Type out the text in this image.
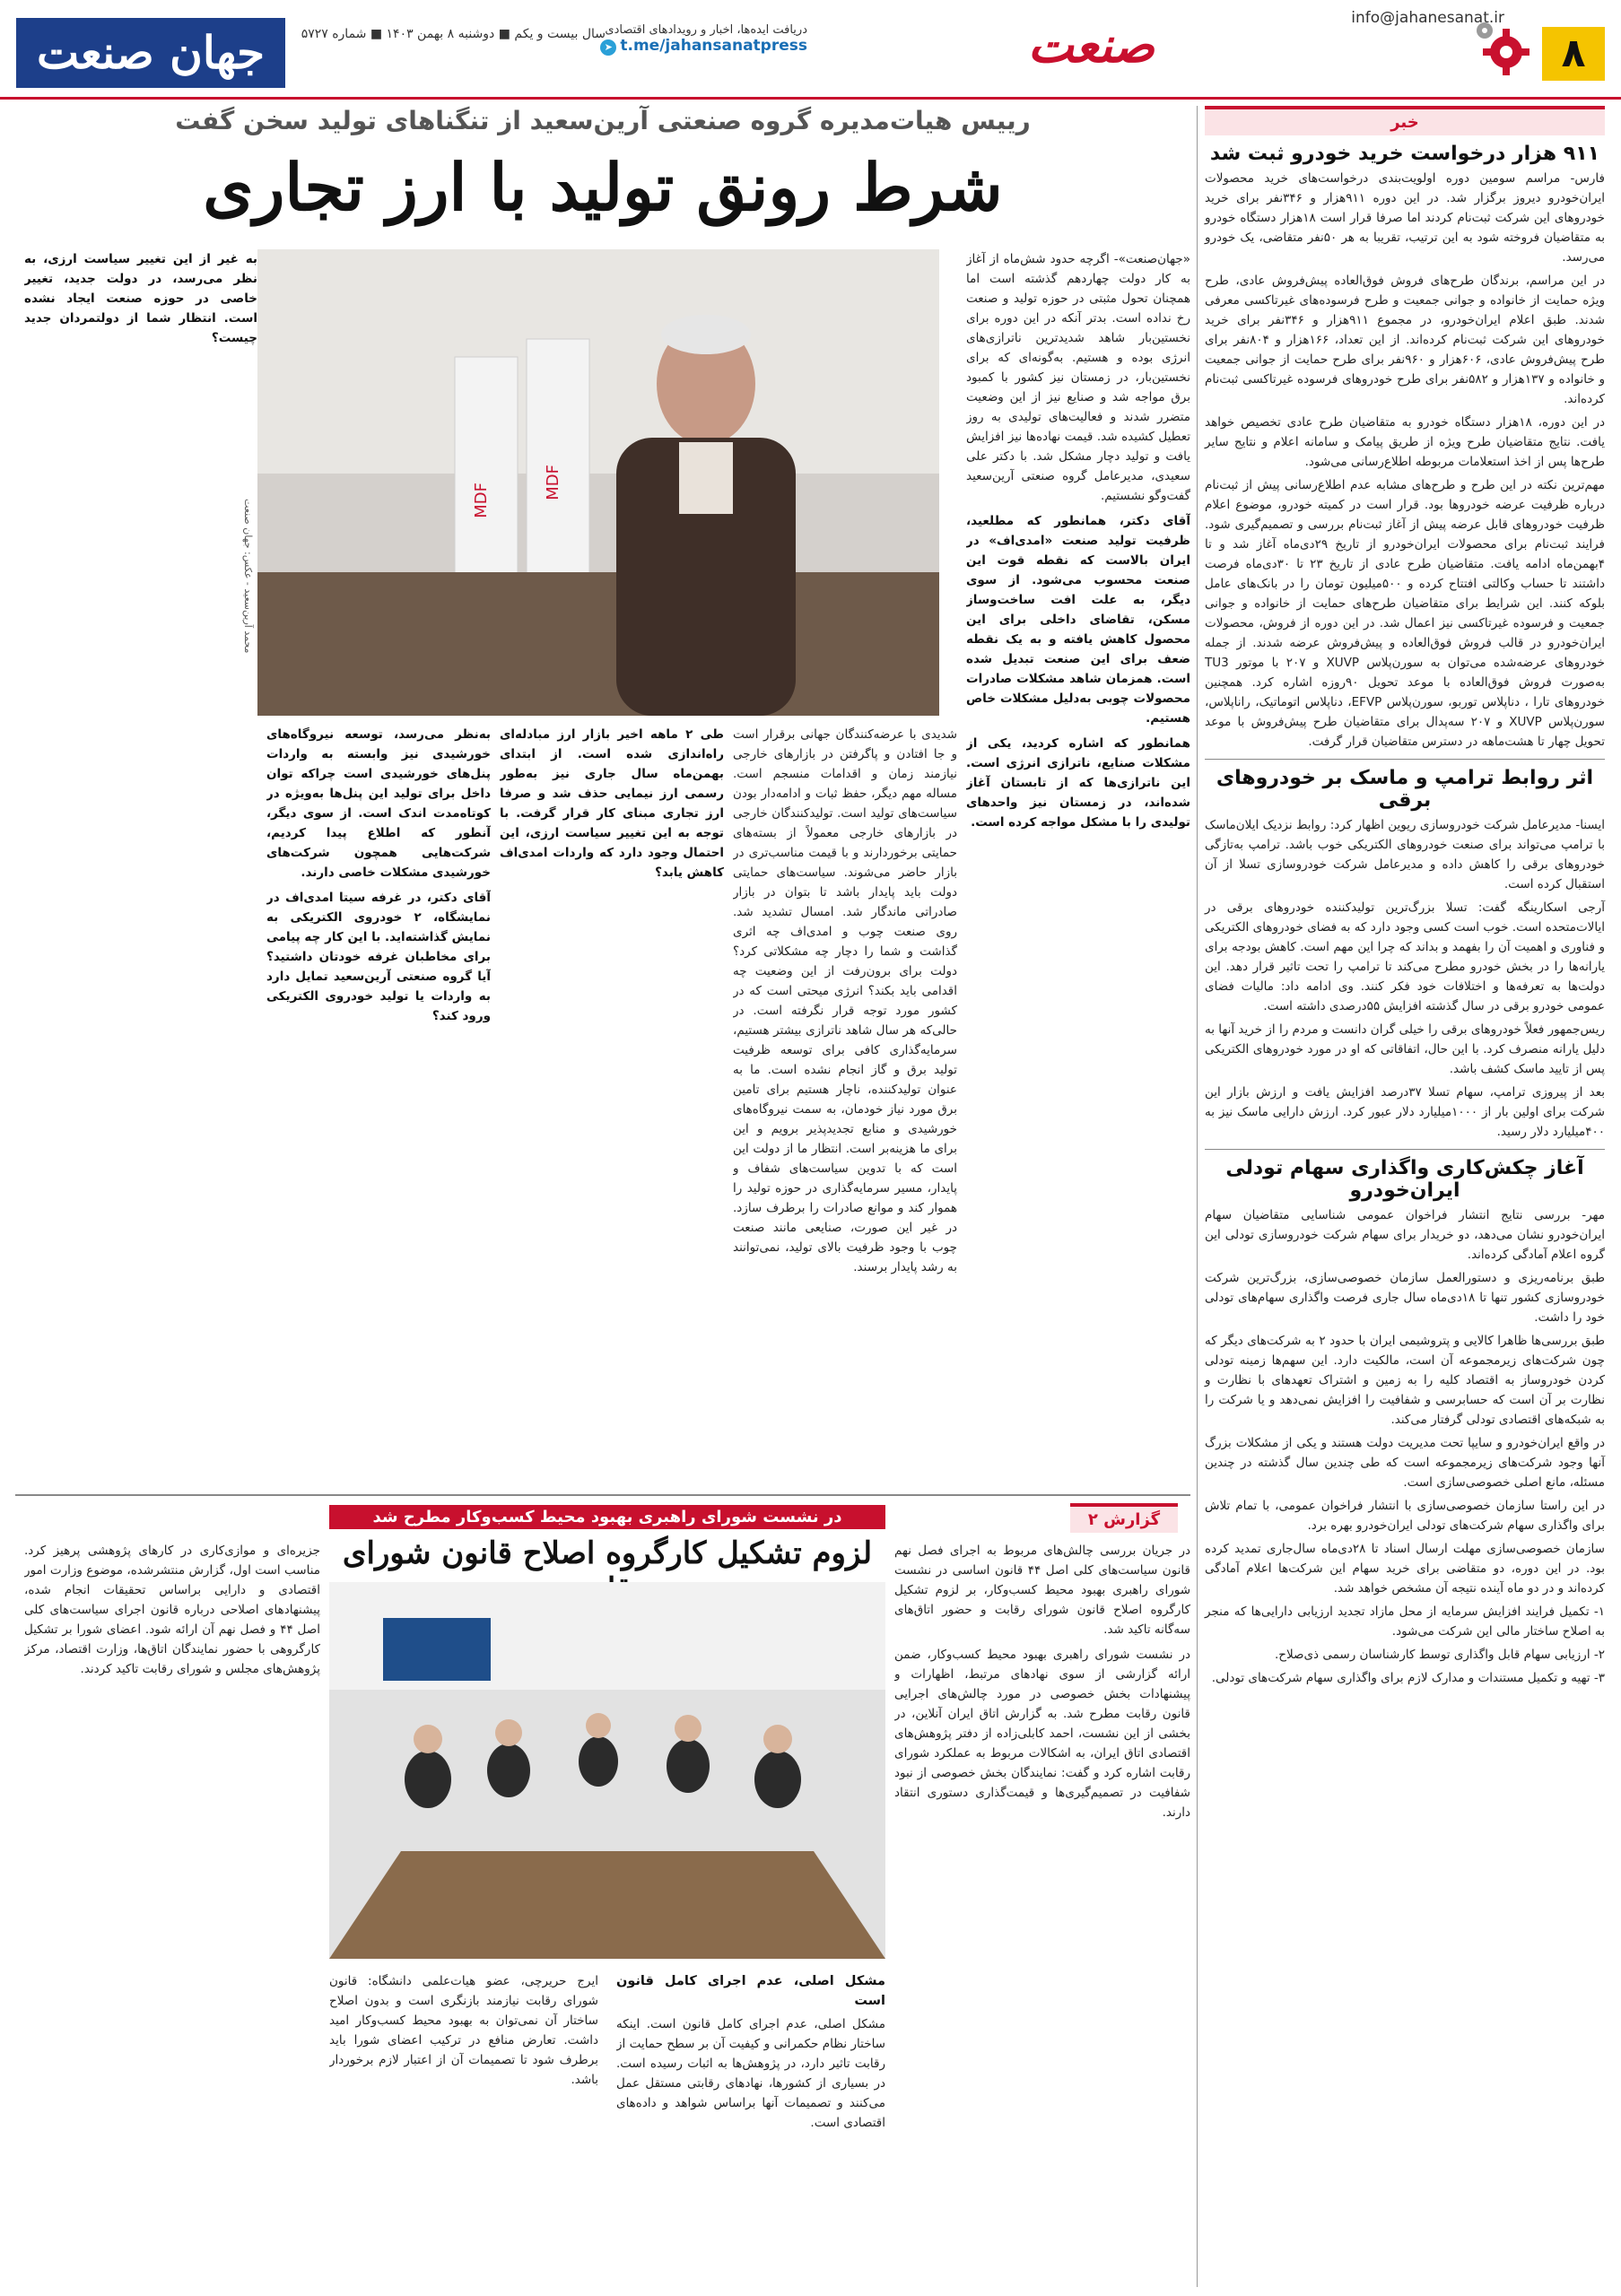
۸
info@jahanesanat.ir
صنعت
دریافت ایده‌ها، اخبار و رویدادهای اقتصادی
t.me/jahansanatpress ➤
سال بیست و یکم ■ دوشنبه ۸ بهمن ۱۴۰۳ ■ شماره ۵۷۲۷
جهان صنعت
خبر
۹۱۱ هزار درخواست خرید خودرو ثبت شد

فارس- مراسم سومین دوره اولویت‌بندی درخواست‌های خرید محصولات ایران‌خودرو دیروز برگزار شد. در این دوره ۹۱۱هزار و ۳۴۶نفر برای خرید خودروهای این شرکت ثبت‌نام کردند اما صرفا قرار است ۱۸هزار دستگاه خودرو به متقاضیان فروخته شود به این ترتیب، تقریبا به هر ۵۰نفر متقاضی، یک خودرو می‌رسد.

در این مراسم، برندگان طرح‌های فروش فوق‌العاده پیش‌فروش عادی، طرح ویژه حمایت از خانواده و جوانی جمعیت و طرح فرسوده‌های غیرتاکسی معرفی شدند. طبق اعلام ایران‌خودرو، در مجموع ۹۱۱هزار و ۳۴۶نفر برای خرید خودروهای این شرکت ثبت‌نام کرده‌اند. از این تعداد، ۱۶۶هزار و ۸۰۴نفر برای طرح پیش‌فروش عادی، ۶۰۶هزار و ۹۶۰نفر برای طرح حمایت از جوانی جمعیت و خانواده و ۱۳۷هزار و ۵۸۲نفر برای طرح خودروهای فرسوده غیرتاکسی ثبت‌نام کرده‌اند.

در این دوره، ۱۸هزار دستگاه خودرو به متقاضیان طرح عادی تخصیص خواهد یافت. نتایج متقاضیان طرح ویژه از طریق پیامک و سامانه اعلام و نتایج سایر طرح‌ها پس از اخذ استعلامات مربوطه اطلاع‌رسانی می‌شود.

مهم‌ترین نکته در این طرح و طرح‌های مشابه عدم اطلاع‌رسانی پیش از ثبت‌نام درباره ظرفیت عرضه خودروها بود. قرار است در کمیته خودرو، موضوع اعلام ظرفیت خودروهای قابل عرضه پیش از آغاز ثبت‌نام بررسی و تصمیم‌گیری شود. فرایند ثبت‌نام برای محصولات ایران‌خودرو از تاریخ ۲۹دی‌ماه آغاز شد و تا ۴بهمن‌ماه ادامه یافت. متقاضیان طرح عادی از تاریخ ۲۳ تا ۳۰دی‌ماه فرصت داشتند تا حساب وکالتی افتتاح کرده و ۵۰۰میلیون تومان را در بانک‌های عامل بلوکه کنند. این شرایط برای متقاضیان طرح‌های حمایت از خانواده و جوانی جمعیت و فرسوده غیرتاکسی نیز اعمال شد. در این دوره از فروش، محصولات ایران‌خودرو در قالب فروش فوق‌العاده و پیش‌فروش عرضه شدند. از جمله خودروهای عرضه‌شده می‌توان به سورن‌پلاس XUVP و ۲۰۷ با موتور TU3 به‌صورت فروش فوق‌العاده با موعد تحویل ۹۰روزه اشاره کرد. همچنین خودروهای تارا ، دنا‌پلاس توربو، سورن‌پلاس EFVP، دنا‌پلاس اتوماتیک، رانا‌پلاس، سورن‌پلاس XUVP و ۲۰۷ سه‌پدال برای متقاضیان طرح پیش‌فروش با موعد تحویل چهار تا هشت‌ماهه در دسترس متقاضیان قرار گرفت.

اثر روابط ترامپ و ماسک بر خودروهای برقی

ایسنا- مدیرعامل شرکت خودروسازی ریوین اظهار کرد: روابط نزدیک ایلان‌ماسک با ترامپ می‌تواند برای صنعت خودروهای الکتریکی خوب باشد. ترامپ به‌تازگی خودروهای برقی را کاهش داده و مدیرعامل شرکت خودروسازی تسلا از آن استقبال کرده است.

آرجی اسکارینگه گفت: تسلا بزرگ‌ترین تولیدکننده خودروهای برقی در ایالات‌متحده است. خوب است کسی وجود دارد که به فضای خودروهای الکتریکی و فناوری و اهمیت آن را بفهمد و بداند که چرا این مهم است. کاهش بودجه برای یارانه‌ها را در بخش خودرو مطرح می‌کند تا ترامپ را تحت تاثیر قرار دهد. این دولت‌ها به تعرفه‌ها و اختلافات خود فکر کنند. وی ادامه داد: مالیات فضای عمومی خودرو برقی در سال گذشته افزایش ۵۵درصدی داشته است.

ریس‌جمهور فعلاً خودروهای برقی را خیلی گران دانست و مردم را از خرید آنها به دلیل یارانه منصرف کرد. با این حال، اتفاقاتی که او در مورد خودروهای الکتریکی پس از تایید ماسک کشف باشد.

بعد از پیروزی ترامپ، سهام تسلا ۳۷درصد افزایش یافت و ارزش بازار این شرکت برای اولین بار از ۱۰۰۰میلیارد دلار عبور کرد. ارزش دارایی ماسک نیز به ۴۰۰میلیارد دلار رسید.

آغاز چکش‌کاری واگذاری سهام تودلی ایران‌خودرو

مهر- بررسی نتایج انتشار فراخوان عمومی شناسایی متقاضیان سهام ایران‌خودرو نشان می‌دهد، دو خریدار برای سهام شرکت خودروسازی تودلی این گروه اعلام آمادگی کرده‌اند.

طبق برنامه‌ریزی و دستورالعمل سازمان خصوصی‌سازی، بزرگ‌ترین شرکت خودروسازی کشور تنها تا ۱۸دی‌ماه سال جاری فرصت واگذاری سهام‌های تودلی خود را داشت.

طبق بررسی‌ها ظاهرا کالایی و پتروشیمی ایران با حدود ۲ به شرکت‌های دیگر که چون شرکت‌های زیرمجموعه آن است، مالکیت دارد. این سهم‌ها زمینه تودلی کردن خودروساز به اقتصاد کلیه را به زمین و اشتراک تعهدهای با نظارت و نظارت بر آن است که حسابرسی و شفافیت را افزایش نمی‌دهد و یا شرکت را به شبکه‌های اقتصادی تودلی گرفتار می‌کند.

در واقع ایران‌خودرو و سایپا تحت مدیریت دولت هستند و یکی از مشکلات بزرگ آنها وجود شرکت‌های زیرمجموعه است که طی چندین سال گذشته در چندین مسئله، مانع اصلی خصوصی‌سازی است.

در این راستا سازمان خصوصی‌سازی با انتشار فراخوان عمومی، با تمام تلاش برای واگذاری سهام شرکت‌های تودلی ایران‌خودرو بهره برد.

سازمان خصوصی‌سازی مهلت ارسال اسناد تا ۲۸دی‌ماه سال‌جاری تمدید کرده بود. در این دوره، دو متقاضی برای خرید سهام این شرکت‌ها اعلام آمادگی کرده‌اند و در دو ماه آینده نتیجه آن مشخص خواهد شد.

۱- تکمیل فرایند افزایش سرمایه از محل مازاد تجدید ارزیابی دارایی‌ها که منجر به اصلاح ساختار مالی این شرکت می‌شود.

۲- ارزیابی سهام قابل واگذاری توسط کارشناسان رسمی ذی‌صلاح.

۳- تهیه و تکمیل مستندات و مدارک لازم برای واگذاری سهام شرکت‌های تودلی.

رییس هیات‌مدیره گروه صنعتی آرین‌سعید از تنگناهای تولید سخن گفت
شرط رونق تولید با ارز تجاری

«جهان‌صنعت»- اگرچه حدود شش‌ماه از آغاز به کار دولت چهاردهم گذشته است اما همچنان تحول مثبتی در حوزه تولید و صنعت رخ نداده است. بدتر آنکه در این دوره برای نخستین‌بار شاهد شدیدترین ناترازی‌های انرژی بوده و هستیم. به‌گونه‌ای که برای نخستین‌بار، در زمستان نیز کشور با کمبود برق مواجه شد و صنایع نیز از این وضعیت متضرر شدند و فعالیت‌های تولیدی به روز تعطیل کشیده شد. قیمت نهاده‌ها نیز افزایش یافت و تولید دچار مشکل شد. با دکتر علی سعیدی، مدیرعامل گروه صنعتی آرین‌سعید گفت‌وگو نشستیم.

آقای دکتر، همانطور که مطلعید، ظرفیت تولید صنعت «امدی‌اف» در ایران بالاست که نقطه قوت این صنعت محسوب می‌شود. از سوی دیگر، به علت افت ساخت‌وساز مسکن، تقاضای داخلی برای این محصول کاهش یافته و به یک نقطه ضعف برای این صنعت تبدیل شده است. همزمان شاهد مشکلات صادرات محصولات چوبی به‌دلیل مشکلات خاص هستیم.

همانطور که اشاره کردید، یکی از مشکلات صنایع، ناترازی انرژی است. این ناترازی‌ها که از تابستان آغاز شده‌اند، در زمستان نیز واحدهای تولیدی را با مشکل مواجه کرده است.

MDF
MDF
محمد آرین‌سعید - عکس: جهان صنعت

شدیدی با عرضه‌کنندگان جهانی برقرار است و جا افتادن و پاگرفتن در بازارهای خارجی نیازمند زمان و اقدامات منسجم است. مساله مهم دیگر، حفظ ثبات و ادامه‌دار بودن سیاست‌های تولید است. تولیدکنندگان خارجی در بازارهای خارجی معمولاً از بسته‌های حمایتی برخوردارند و با قیمت مناسب‌تری در بازار حاضر می‌شوند. سیاست‌های حمایتی دولت باید پایدار باشد تا بتوان در بازار صادراتی ماندگار شد. امسال تشدید شد. روی صنعت چوب و امدی‌اف چه اثری گذاشت و شما را دچار چه مشکلاتی کرد؟ دولت برای برون‌رفت از این وضعیت چه اقدامی باید بکند؟ انرژی میحتی است که در کشور مورد توجه قرار نگرفته است. در حالی‌که هر سال شاهد ناترازی بیشتر هستیم، سرمایه‌گذاری کافی برای توسعه ظرفیت تولید برق و گاز انجام نشده است. ما به عنوان تولیدکننده، ناچار هستیم برای تامین برق مورد نیاز خودمان، به سمت نیروگاه‌های خورشیدی و منابع تجدیدپذیر برویم و این برای ما هزینه‌بر است. انتظار ما از دولت این است که با تدوین سیاست‌های شفاف و پایدار، مسیر سرمایه‌گذاری در حوزه تولید را هموار کند و موانع صادرات را برطرف سازد. در غیر این صورت، صنایعی مانند صنعت چوب با وجود ظرفیت بالای تولید، نمی‌توانند به رشد پایدار برسند.

طی ۲ ماهه اخیر بازار ارز مبادله‌ای راه‌اندازی شده است. از ابتدای بهمن‌ماه سال جاری نیز به‌طور رسمی ارز نیمایی حذف شد و صرفا ارز تجاری مبنای کار قرار گرفت. با توجه به این تغییر سیاست ارزی، این احتمال وجود دارد که واردات امدی‌اف کاهش یابد؟

به‌نظر می‌رسد، توسعه نیروگاه‌های خورشیدی نیز وابسته به واردات پنل‌های خورشیدی است چراکه توان داخل برای تولید این پنل‌ها به‌ویژه در کوتاه‌مدت اندک است. از سوی دیگر، آنطور که اطلاع پیدا کردیم، شرکت‌هایی همچون شرکت‌های خورشیدی مشکلات خاصی دارند.

آقای دکتر، در غرفه سیتا امدی‌اف در نمایشگاه، ۲ خودروی الکتریکی به نمایش گذاشته‌اید. با این کار چه پیامی برای مخاطبان غرفه خودتان داشتید؟ آیا گروه صنعتی آرین‌سعید تمایل دارد به واردات یا تولید خودروی الکتریکی ورود کند؟

به غیر از این تغییر سیاست ارزی، به نظر می‌رسد، در دولت جدید، تغییر خاصی در حوزه صنعت ایجاد نشده است. انتظار شما از دولتمردان جدید چیست؟

گزارش ۲
در نشست شورای راهبری بهبود محیط کسب‌وکار مطرح شد
لزوم تشکیل کارگروه اصلاح قانون شورای	در جریان بررسی چالش‌های مربوط به اجرای فصل نهم قانون سیاست‌های کلی اصل ۴۴ قانون اساسی در نشست شورای راهبری بهبود محیط کسب‌وکار، بر لزوم تشکیل کارگروه اصلاح قانون شورای رقابت و حضور اتاق‌های سه‌گانه تاکید شد.

در نشست شورای راهبری بهبود محیط کسب‌وکار، ضمن ارائه گزارشی از سوی نهادهای مرتبط، اظهارات و پیشنهادات بخش خصوصی در مورد چالش‌های اجرایی قانون رقابت مطرح شد. به گزارش اتاق ایران آنلاین، در بخشی از این نشست، احمد کابلی‌زاده از دفتر پژوهش‌های اقتصادی اتاق ایران، به اشکالات مربوط به عملکرد شورای رقابت اشاره کرد و گفت: نمایندگان بخش خصوصی از نبود شفافیت در تصمیم‌گیری‌ها و قیمت‌گذاری دستوری انتقاد دارند.

مشکل اصلی، عدم اجرای کامل قانون است

مشکل اصلی، عدم اجرای کامل قانون است. اینکه ساختار نظام حکمرانی و کیفیت آن بر سطح حمایت از رقابت تاثیر دارد، در پژوهش‌ها به اثبات رسیده است. در بسیاری از کشورها، نهادهای رقابتی مستقل عمل می‌کنند و تصمیمات آنها براساس شواهد و داده‌های اقتصادی است.

ایرج حریرچی، عضو هیات‌علمی دانشگاه: قانون شورای رقابت نیازمند بازنگری است و بدون اصلاح ساختار آن نمی‌توان به بهبود محیط کسب‌وکار امید داشت. تعارض منافع در ترکیب اعضای شورا باید برطرف شود تا تصمیمات آن از اعتبار لازم برخوردار باشد.

جزیره‌ای و موازی‌کاری در کارهای پژوهشی پرهیز کرد. مناسب است اول، گزارش منتشرشده، موضوع وزارت امور اقتصادی و دارایی براساس تحقیقات انجام شده، پیشنهادهای اصلاحی درباره قانون اجرای سیاست‌های کلی اصل ۴۴ و فصل نهم آن ارائه شود. اعضای شورا بر تشکیل کارگروهی با حضور نمایندگان اتاق‌ها، وزارت اقتصاد، مرکز پژوهش‌های مجلس و شورای رقابت تاکید کردند.
